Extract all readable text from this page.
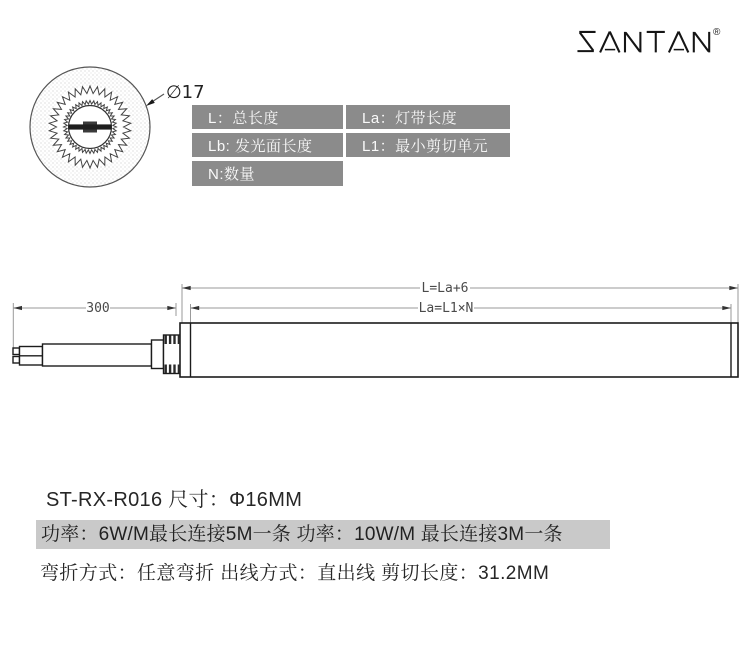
®
∅17
L：总长度	La：灯带长度
Lb: 发光面长度	L1：最小剪切单元
N:数量
300
L=La+6
La=L1×N
ST-RX-R016 尺寸：Φ16MM
功率：6W/M最长连接5M一条 功率：10W/M 最长连接3M一条
弯折方式：任意弯折 出线方式：直出线 剪切长度：31.2MM
